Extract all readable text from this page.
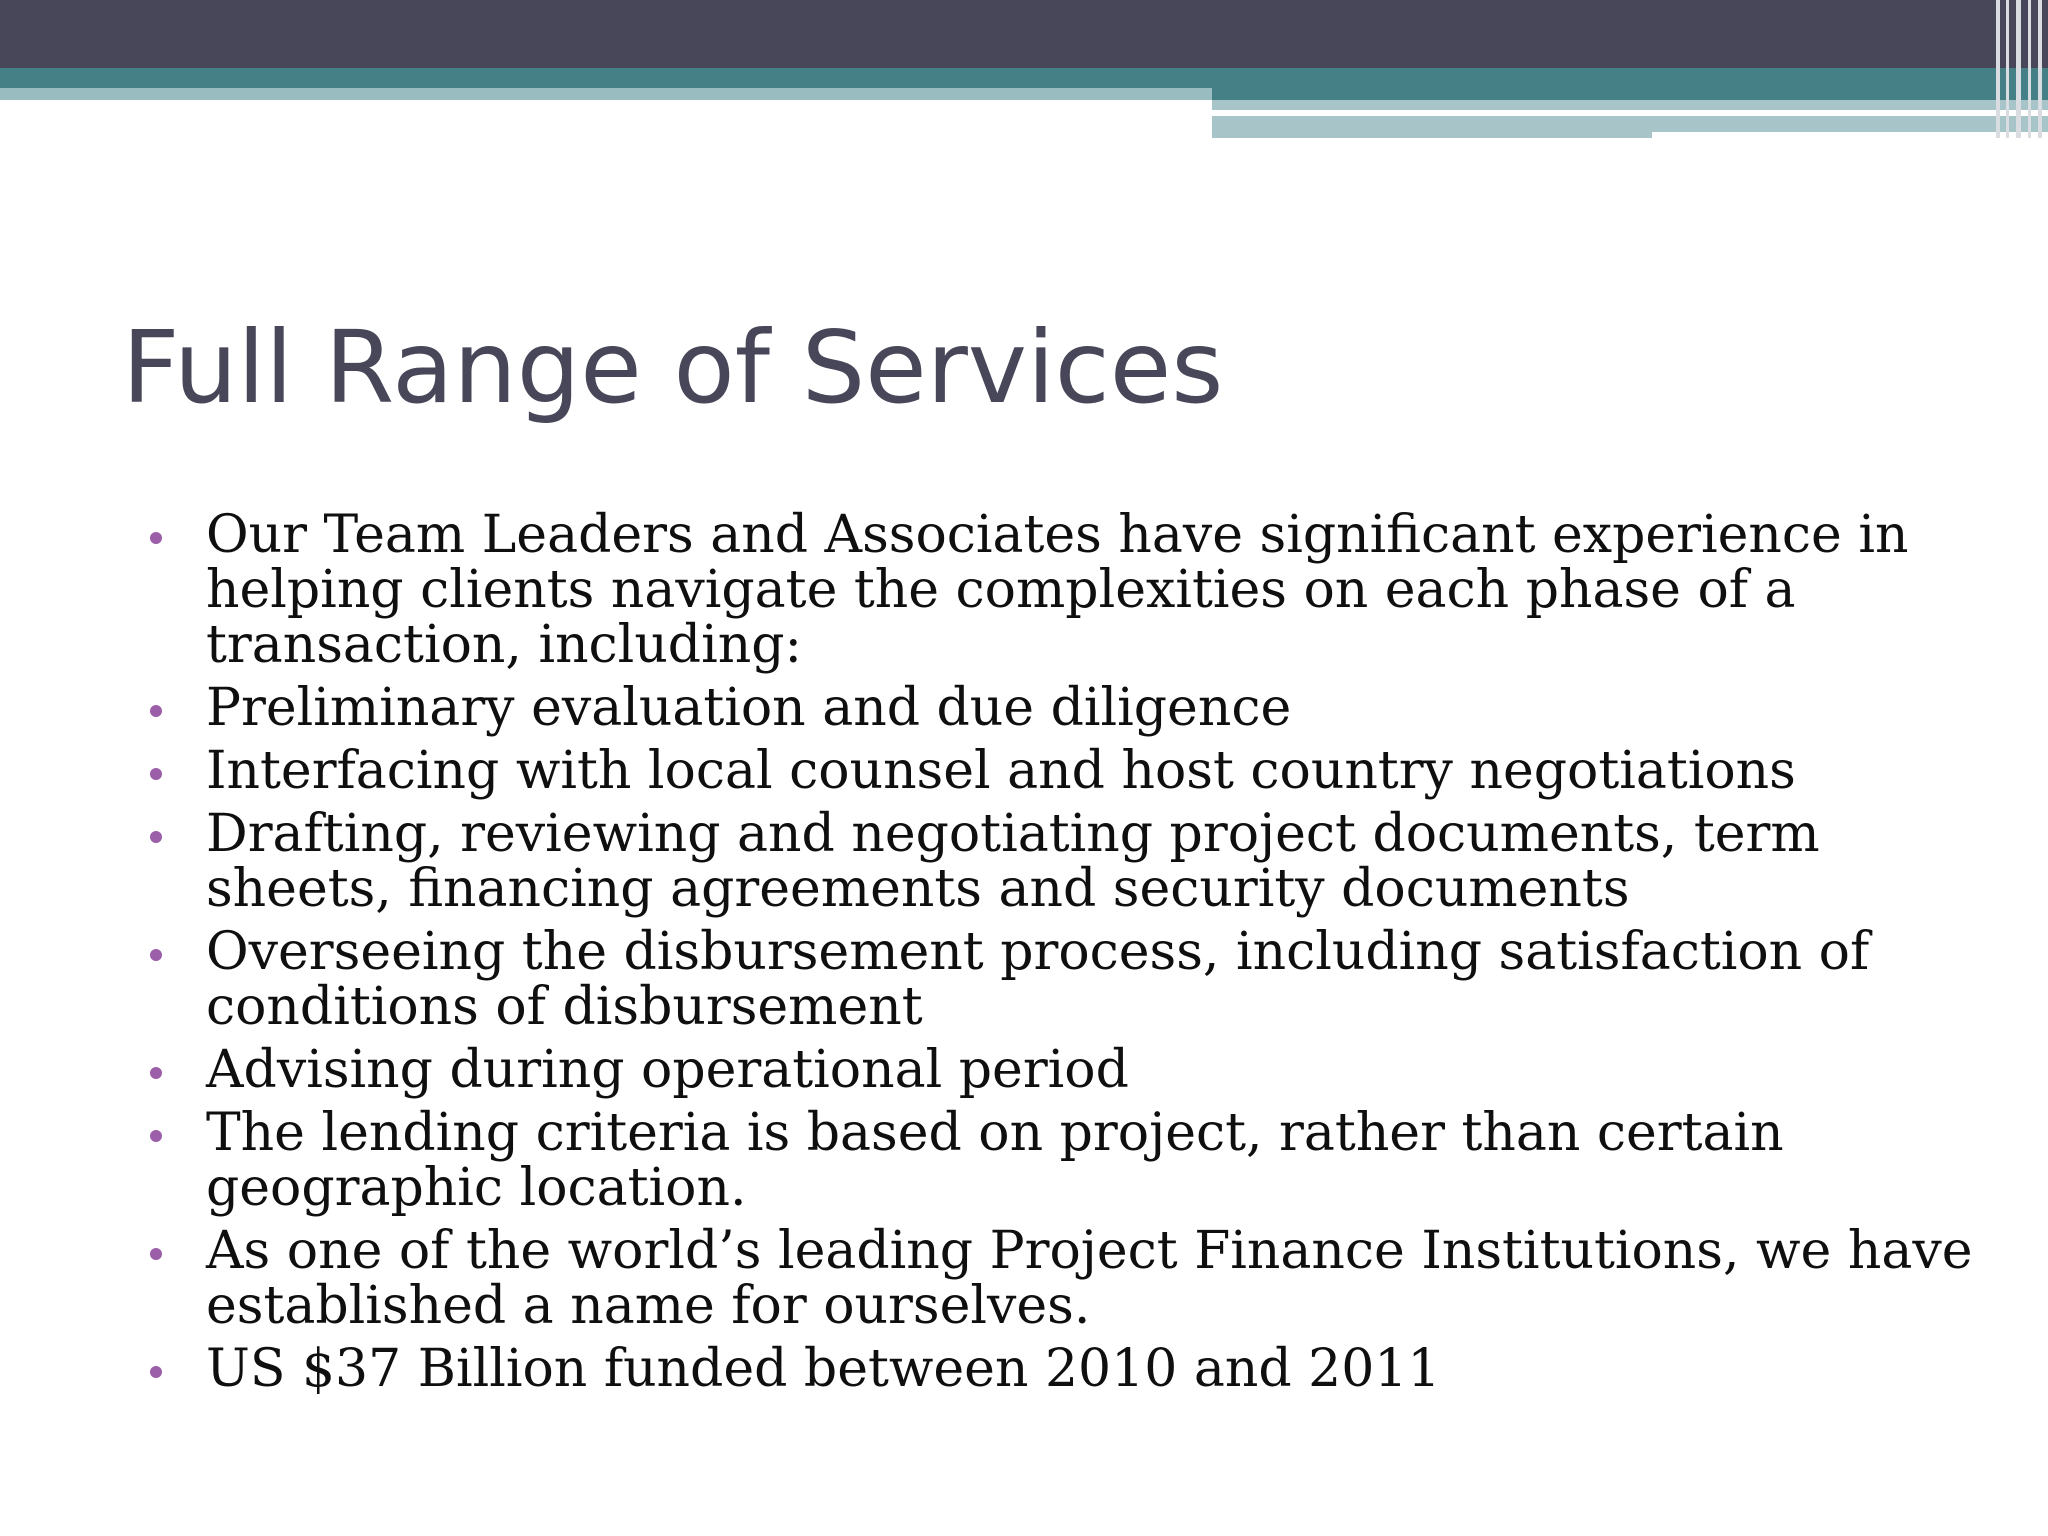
Full Range of Services
Our Team Leaders and Associates have significant experience in helping clients navigate the complexities on each phase of a transaction, including:
Preliminary evaluation and due diligence
Interfacing with local counsel and host country negotiations
Drafting, reviewing and negotiating project documents, term sheets, financing agreements and security documents
Overseeing the disbursement process, including satisfaction of conditions of disbursement
Advising during operational period
The lending criteria is based on project, rather than certain geographic location.
As one of the world’s leading Project Finance Institutions, we have established a name for ourselves.
US $37 Billion funded between 2010 and 2011
